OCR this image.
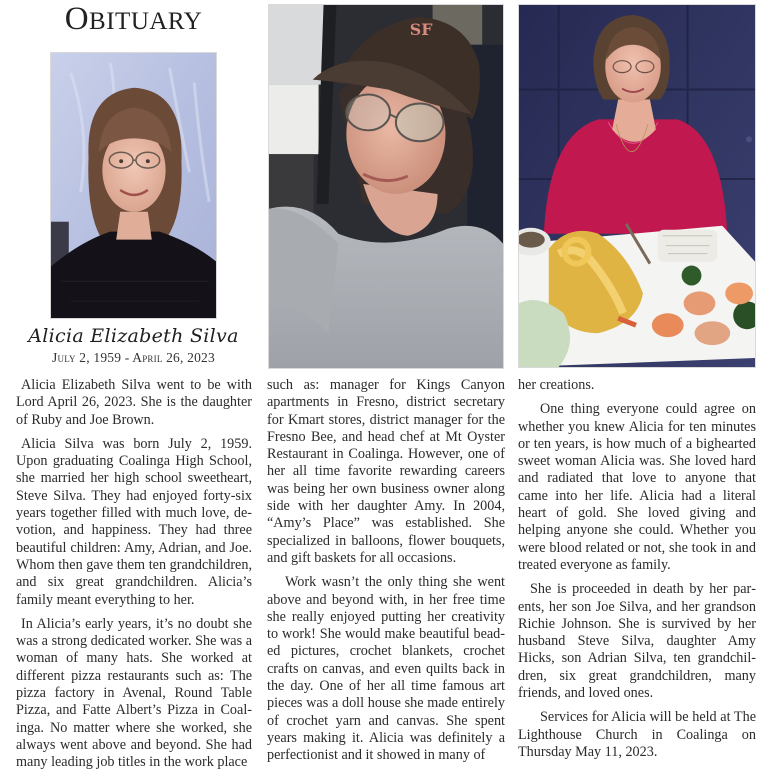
OBITUARY	SF
Alicia Elizabeth Silva
July 2, 1959 - April 26, 2023

Alicia Elizabeth Silva went to be with Lord April 26, 2023. She is the daughter of Ruby and Joe Brown.

Alicia Silva was born July 2, 1959. Upon graduating Coalinga High School, she married her high school sweetheart, Steve Silva. They had enjoyed forty-six years together filled with much love, devotion, and happiness. They had three beautiful children: Amy, Adrian, and Joe. Whom then gave them ten grandchildren, and six great grandchildren. Alicia’s family meant everything to her.

In Alicia’s early years, it’s no doubt she was a strong dedicated worker. She was a woman of many hats. She worked at different pizza restaurants such as: The pizza factory in Avenal, Round Table Pizza, and Fatte Albert’s Pizza in Coalinga. No matter where she worked, she always went above and beyond. She had many leading job titles in the work place

such as: manager for Kings Canyon apartments in Fresno, district secretary for Kmart stores, district manager for the Fresno Bee, and head chef at Mt Oyster Restaurant in Coalinga. However, one of her all time favorite rewarding careers was being her own business owner along side with her daughter Amy. In 2004, “Amy’s Place” was established. She specialized in balloons, flower bouquets, and gift baskets for all occasions.

Work wasn’t the only thing she went above and beyond with, in her free time she really enjoyed putting her creativity to work! She would make beautiful beaded pictures, crochet blankets, crochet crafts on canvas, and even quilts back in the day. One of her all time famous art pieces was a doll house she made entirely of crochet yarn and canvas. She spent years making it. Alicia was definitely a perfectionist and it showed in many of

her creations.

One thing everyone could agree on whether you knew Alicia for ten minutes or ten years, is how much of a bighearted sweet woman Alicia was. She loved hard and radiated that love to anyone that came into her life. Alicia had a literal heart of gold. She loved giving and helping anyone she could. Whether you were blood related or not, she took in and treated everyone as family.

She is proceeded in death by her parents, her son Joe Silva, and her grandson Richie Johnson. She is survived by her husband Steve Silva, daughter Amy Hicks, son Adrian Silva, ten grandchildren, six great grandchildren, many friends, and loved ones.

Services for Alicia will be held at The Lighthouse Church in Coalinga on Thursday May 11, 2023.
